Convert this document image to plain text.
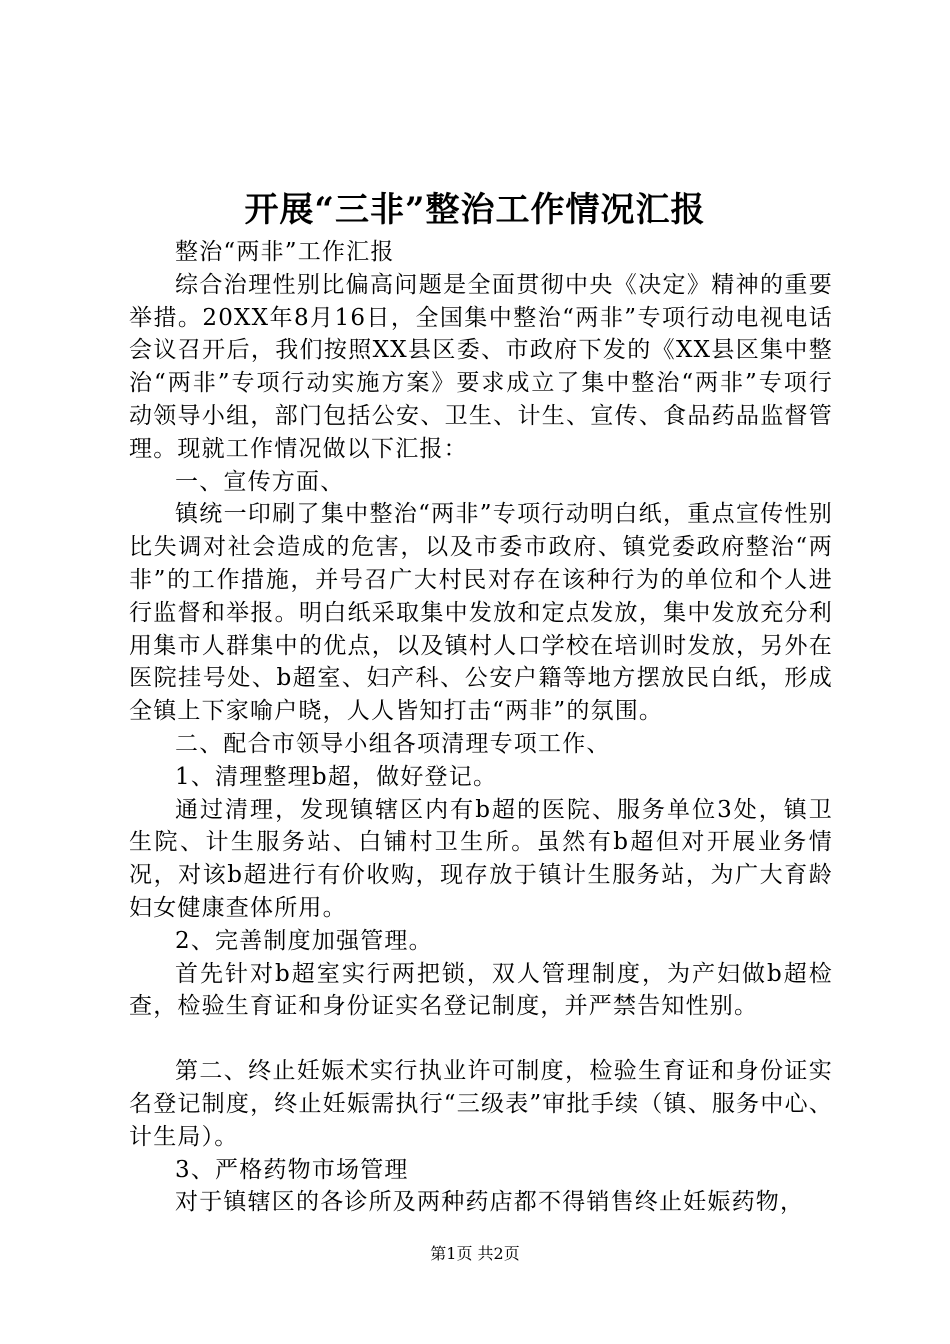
开展“三非”整治工作情况汇报

整治“两非”工作汇报

综合治理性别比偏高问题是全面贯彻中央《决定》精神的重要举措。20XX年8月16日，全国集中整治“两非”专项行动电视电话会议召开后，我们按照XX县区委、市政府下发的《XX县区集中整治“两非”专项行动实施方案》要求成立了集中整治“两非”专项行动领导小组，部门包括公安、卫生、计生、宣传、食品药品监督管理。现就工作情况做以下汇报：

一、宣传方面、

镇统一印刷了集中整治“两非”专项行动明白纸，重点宣传性别比失调对社会造成的危害，以及市委市政府、镇党委政府整治“两非”的工作措施，并号召广大村民对存在该种行为的单位和个人进行监督和举报。明白纸采取集中发放和定点发放，集中发放充分利用集市人群集中的优点，以及镇村人口学校在培训时发放，另外在医院挂号处、b超室、妇产科、公安户籍等地方摆放民白纸，形成全镇上下家喻户晓，人人皆知打击“两非”的氛围。

二、配合市领导小组各项清理专项工作、

1、清理整理b超，做好登记。

通过清理，发现镇辖区内有b超的医院、服务单位3处，镇卫生院、计生服务站、白铺村卫生所。虽然有b超但对开展业务情况，对该b超进行有价收购，现存放于镇计生服务站，为广大育龄妇女健康查体所用。

2、完善制度加强管理。

首先针对b超室实行两把锁，双人管理制度，为产妇做b超检查，检验生育证和身份证实名登记制度，并严禁告知性别。

第二、终止妊娠术实行执业许可制度，检验生育证和身份证实名登记制度，终止妊娠需执行“三级表”审批手续（镇、服务中心、计生局）。

3、严格药物市场管理

对于镇辖区的各诊所及两种药店都不得销售终止妊娠药物，

第1页 共2页
